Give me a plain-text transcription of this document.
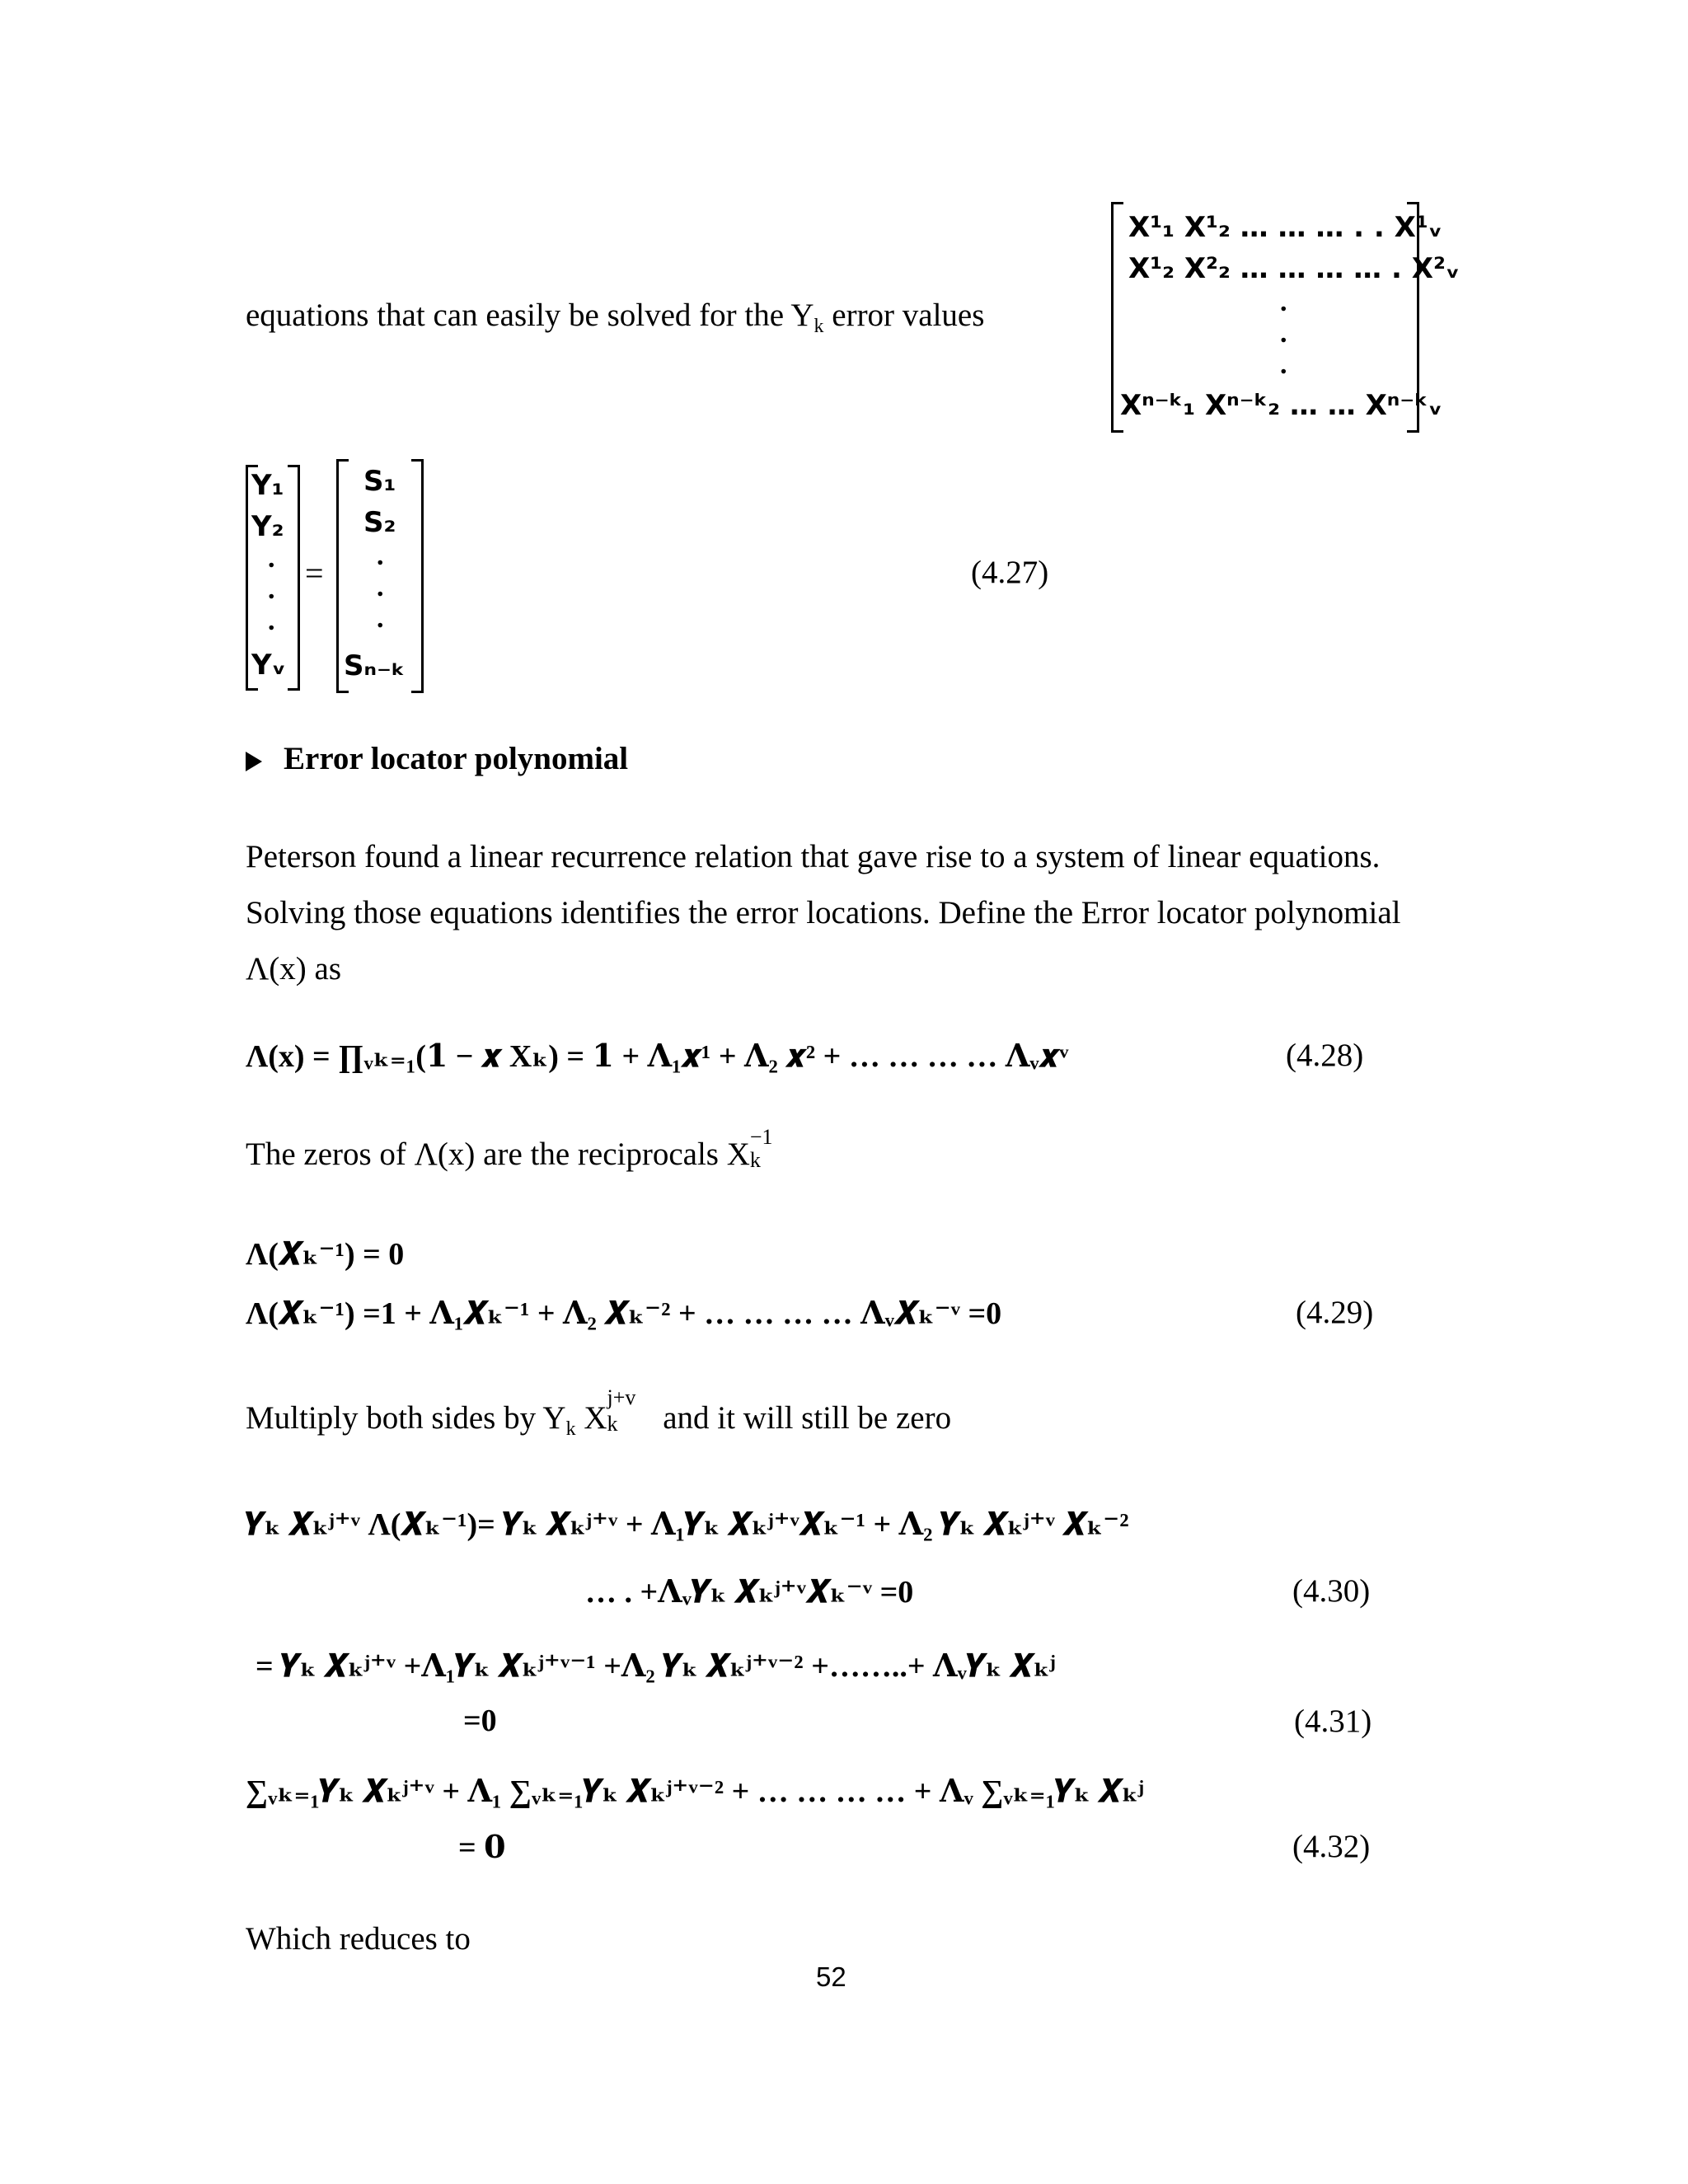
equations that can easily be solved for the $Y_k$ error values
X¹₁ X¹₂ … … … . . X¹ᵥ
X¹₂ X²₂ … … … … . X²ᵥ
.
.
.
Xⁿ⁻ᵏ₁ Xⁿ⁻ᵏ₂ … … Xⁿ⁻ᵏᵥ
Y₁
Y₂
.
.
.
Yᵥ
=
S₁
S₂
.
.
.
Sₙ₋ₖ
(4.27)
Error locator polynomial
Peterson found a linear recurrence relation that gave rise to a system of linear equations. Solving those equations identifies the error locations. Define the Error locator polynomial Λ(x) as
Λ(x) = ∏ᵥₖ₌₁(𝟏 − 𝒙 Xₖ) = 𝟏 + 𝚲₁𝒙¹ + 𝚲₂ 𝒙² + … … … … 𝚲ᵥ𝒙ᵛ	(4.28)
The zeros of Λ(x) are the reciprocals X −1
k

Λ(𝑿ₖ⁻¹) = 0
Λ(𝑿ₖ⁻¹) =1 + 𝚲₁𝑿ₖ⁻¹ + 𝚲₂ 𝑿ₖ⁻² + … … … … 𝚲ᵥ𝑿ₖ⁻ᵛ =0	(4.29)
Multiply both sides by $Y_k$ X
j+v
k and it will still be zero
𝒀ₖ 𝑿ₖʲ⁺ᵛ Λ(𝑿ₖ⁻¹)= 𝒀ₖ 𝑿ₖʲ⁺ᵛ + 𝚲₁𝒀ₖ 𝑿ₖʲ⁺ᵛ𝑿ₖ⁻¹ + 𝚲₂ 𝒀ₖ 𝑿ₖʲ⁺ᵛ 𝑿ₖ⁻²
… . +𝚲ᵥ𝒀ₖ 𝑿ₖʲ⁺ᵛ𝑿ₖ⁻ᵛ =0	(4.30)
= 𝒀ₖ 𝑿ₖʲ⁺ᵛ +𝚲₁𝒀ₖ 𝑿ₖʲ⁺ᵛ⁻¹ +𝚲₂ 𝒀ₖ 𝑿ₖʲ⁺ᵛ⁻² +……..+ 𝚲ᵥ𝒀ₖ 𝑿ₖʲ
=0	(4.31)
∑ᵥₖ₌₁𝒀ₖ 𝑿ₖʲ⁺ᵛ + 𝚲₁ ∑ᵥₖ₌₁𝒀ₖ 𝑿ₖʲ⁺ᵛ⁻² + … … … … + 𝚲ᵥ ∑ᵥₖ₌₁𝒀ₖ 𝑿ₖʲ
= 𝟎	(4.32)
Which reduces to
52
